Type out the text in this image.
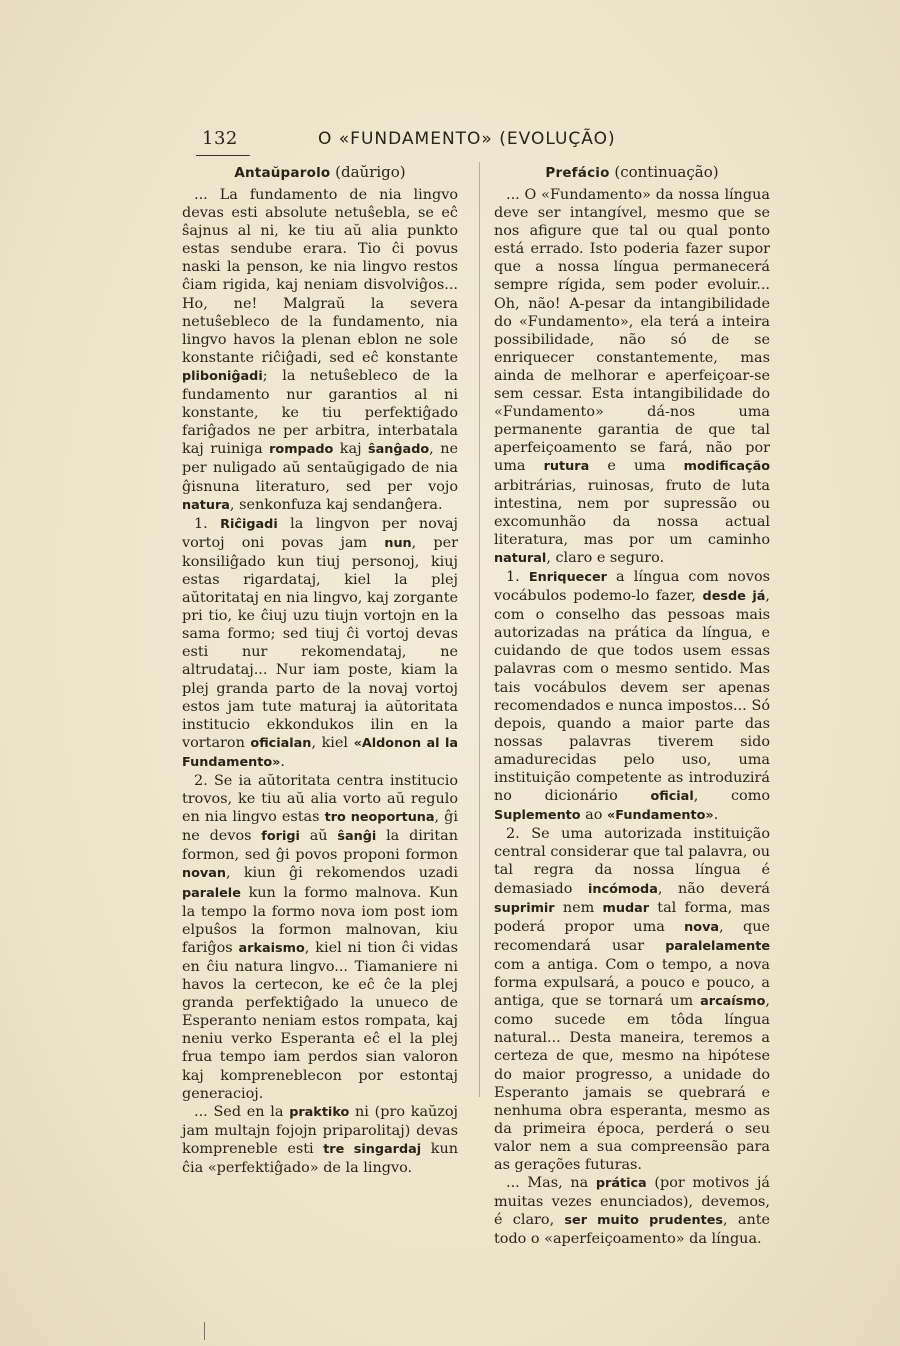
132	O «FUNDAMENTO» (EVOLUÇÃO)
Antaŭparolo (daŭrigo)

... La fundamento de nia lingvo devas esti absolute netuŝebla, se eĉ ŝajnus al ni, ke tiu aŭ alia punkto estas sendube erara. Tio ĉi povus naski la penson, ke nia lingvo restos ĉiam rigida, kaj neniam disvolviĝos... Ho, ne! Malgraŭ la severa netuŝebleco de la fundamento, nia lingvo havos la plenan eblon ne sole konstante riĉiĝadi, sed eĉ konstante pliboniĝadi; la netuŝebleco de la fundamento nur garantios al ni konstante, ke tiu perfektiĝado fariĝados ne per arbitra, interbatala kaj ruiniga rompado kaj ŝanĝado, ne per nuligado aŭ sentaŭgigado de nia ĝisnuna literaturo, sed per vojo natura, senkonfuza kaj sendanĝera.

1. Riĉigadi la lingvon per novaj vortoj oni povas jam nun, per konsiliĝado kun tiuj personoj, kiuj estas rigardataj, kiel la plej aŭtoritataj en nia lingvo, kaj zorgante pri tio, ke ĉiuj uzu tiujn vortojn en la sama formo; sed tiuj ĉi vortoj devas esti nur rekomendataj, ne altrudataj... Nur iam poste, kiam la plej granda parto de la novaj vortoj estos jam tute maturaj ia aŭtoritata institucio ekkondukos ilin en la vortaron oficialan, kiel «Aldonon al la Fundamento».

2. Se ia aŭtoritata centra institucio trovos, ke tiu aŭ alia vorto aŭ regulo en nia lingvo estas tro neoportuna, ĝi ne devos forigi aŭ ŝanĝi la diritan formon, sed ĝi povos proponi formon novan, kiun ĝi rekomendos uzadi paralele kun la formo malnova. Kun la tempo la formo nova iom post iom elpuŝos la formon malnovan, kiu fariĝos arkaismo, kiel ni tion ĉi vidas en ĉiu natura lingvo... Tiamaniere ni havos la certecon, ke eĉ ĉe la plej granda perfektiĝado la unueco de Esperanto neniam estos rompata, kaj neniu verko Esperanta eĉ el la plej frua tempo iam perdos sian valoron kaj kompreneblecon por estontaj generacioj.

... Sed en la praktiko ni (pro kaŭzoj jam multajn fojojn priparolitaj) devas kompreneble esti tre singardaj kun ĉia «perfektiĝado» de la lingvo.

Prefácio (continuação)

... O «Fundamento» da nossa língua deve ser intangível, mesmo que se nos afigure que tal ou qual ponto está errado. Isto poderia fazer supor que a nossa língua permanecerá sempre rígida, sem poder evoluir... Oh, não! A-pesar da intangibilidade do «Fundamento», ela terá a inteira possibilidade, não só de se enriquecer constantemente, mas ainda de melhorar e aperfeiçoar-se sem cessar. Esta intangibilidade do «Fundamento» dá-nos uma permanente garantia de que tal aperfeiçoamento se fará, não por uma rutura e uma modificação arbitrárias, ruinosas, fruto de luta intestina, nem por supressão ou excomunhão da nossa actual literatura, mas por um caminho natural, claro e seguro.

1. Enriquecer a língua com novos vocábulos podemo-lo fazer, desde já, com o conselho das pessoas mais autorizadas na prática da língua, e cuidando de que todos usem essas palavras com o mesmo sentido. Mas tais vocábulos devem ser apenas recomendados e nunca impostos... Só depois, quando a maior parte das nossas palavras tiverem sido amadurecidas pelo uso, uma instituição competente as introduzirá no dicionário oficial, como Suplemento ao «Fundamento».

2. Se uma autorizada instituição central considerar que tal palavra, ou tal regra da nossa língua é demasiado incómoda, não deverá suprimir nem mudar tal forma, mas poderá propor uma nova, que recomendará usar paralelamente com a antiga. Com o tempo, a nova forma expulsará, a pouco e pouco, a antiga, que se tornará um arcaísmo, como sucede em tôda língua natural... Desta maneira, teremos a certeza de que, mesmo na hipótese do maior progresso, a unidade do Esperanto jamais se quebrará e nenhuma obra esperanta, mesmo as da primeira época, perderá o seu valor nem a sua compreensão para as gerações futuras.

... Mas, na prática (por motivos já muitas vezes enunciados), devemos, é claro, ser muito prudentes, ante todo o «aperfeiçoamento» da língua.
